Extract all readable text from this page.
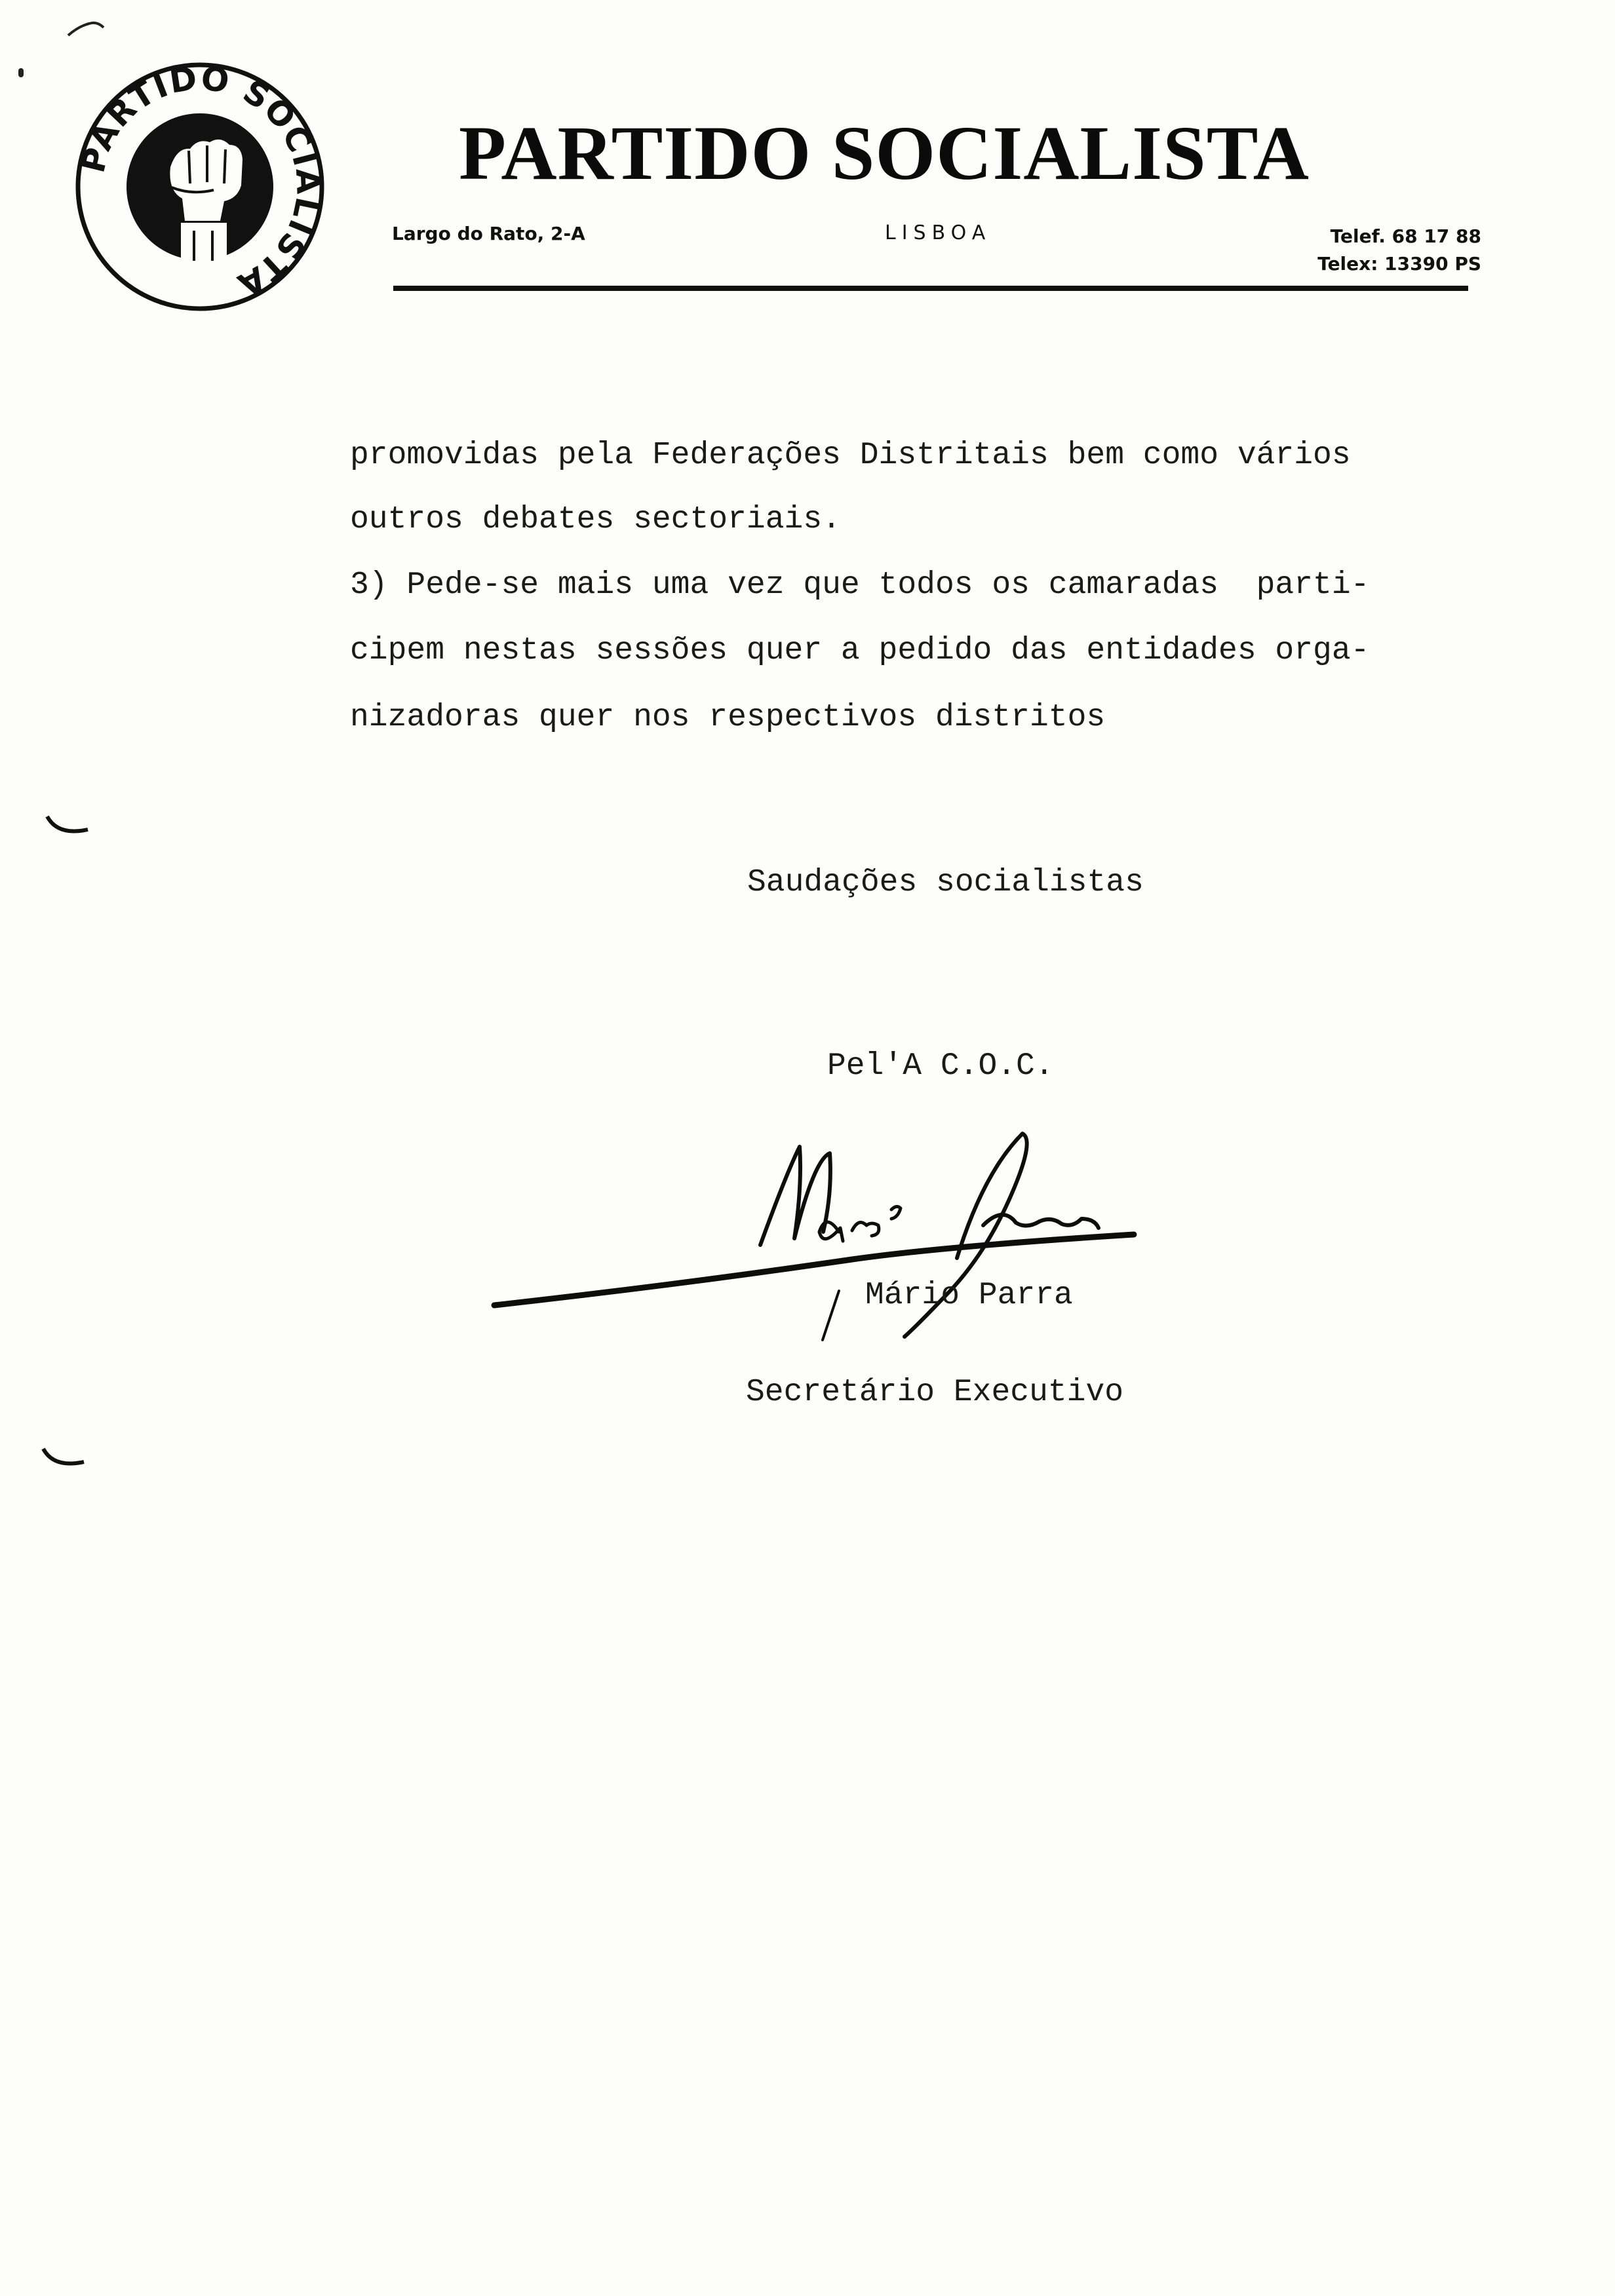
PARTIDO SOCIALISTA
PARTIDO SOCIALISTA
Largo do Rato, 2-A	LISBOA	Telef. 68 17 88
Telex: 13390 PS
promovidas pela Federações Distritais bem como vários
outros debates sectoriais.
3) Pede-se mais uma vez que todos os camaradas  parti-
cipem nestas sessões quer a pedido das entidades orga-
nizadoras quer nos respectivos distritos
Saudações socialistas
Pel'A C.O.C.
Mário Parra
Secretário Executivo
